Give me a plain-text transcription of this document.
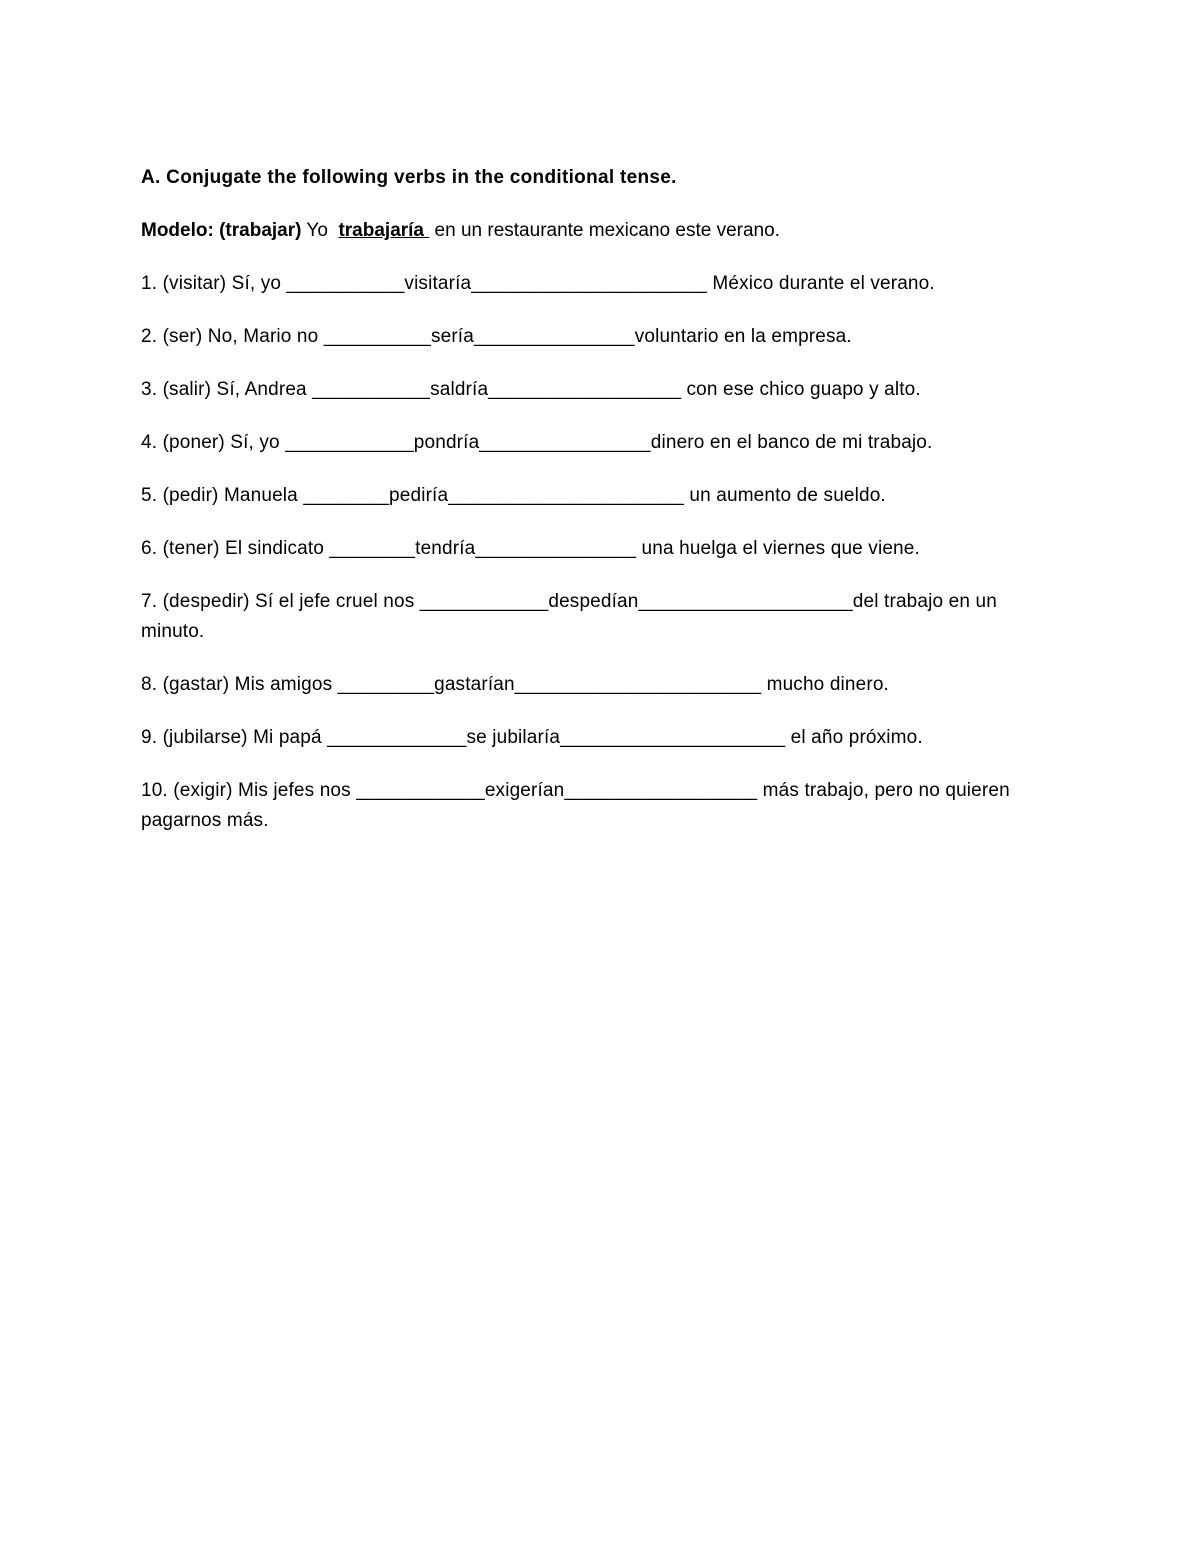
A. Conjugate the following verbs in the conditional tense.
Modelo: (trabajar) Yo  trabajaría  en un restaurante mexicano este verano.
1. (visitar) Sí, yo ___________visitaría______________________ México durante el verano.
2. (ser) No, Mario no __________sería_______________voluntario en la empresa.
3. (salir) Sí, Andrea ___________saldría__________________ con ese chico guapo y alto.
4. (poner) Sí, yo ____________pondría________________dinero en el banco de mi trabajo.
5. (pedir) Manuela ________pediría______________________ un aumento de sueldo.
6. (tener) El sindicato ________tendría_______________ una huelga el viernes que viene.
7. (despedir) Sí el jefe cruel nos ____________despedían____________________del trabajo en un minuto.
8. (gastar) Mis amigos _________gastarían_______________________ mucho dinero.
9. (jubilarse) Mi papá _____________se jubilaría_____________________ el año próximo.
10. (exigir) Mis jefes nos ____________exigerían__________________ más trabajo, pero no quieren pagarnos más.
